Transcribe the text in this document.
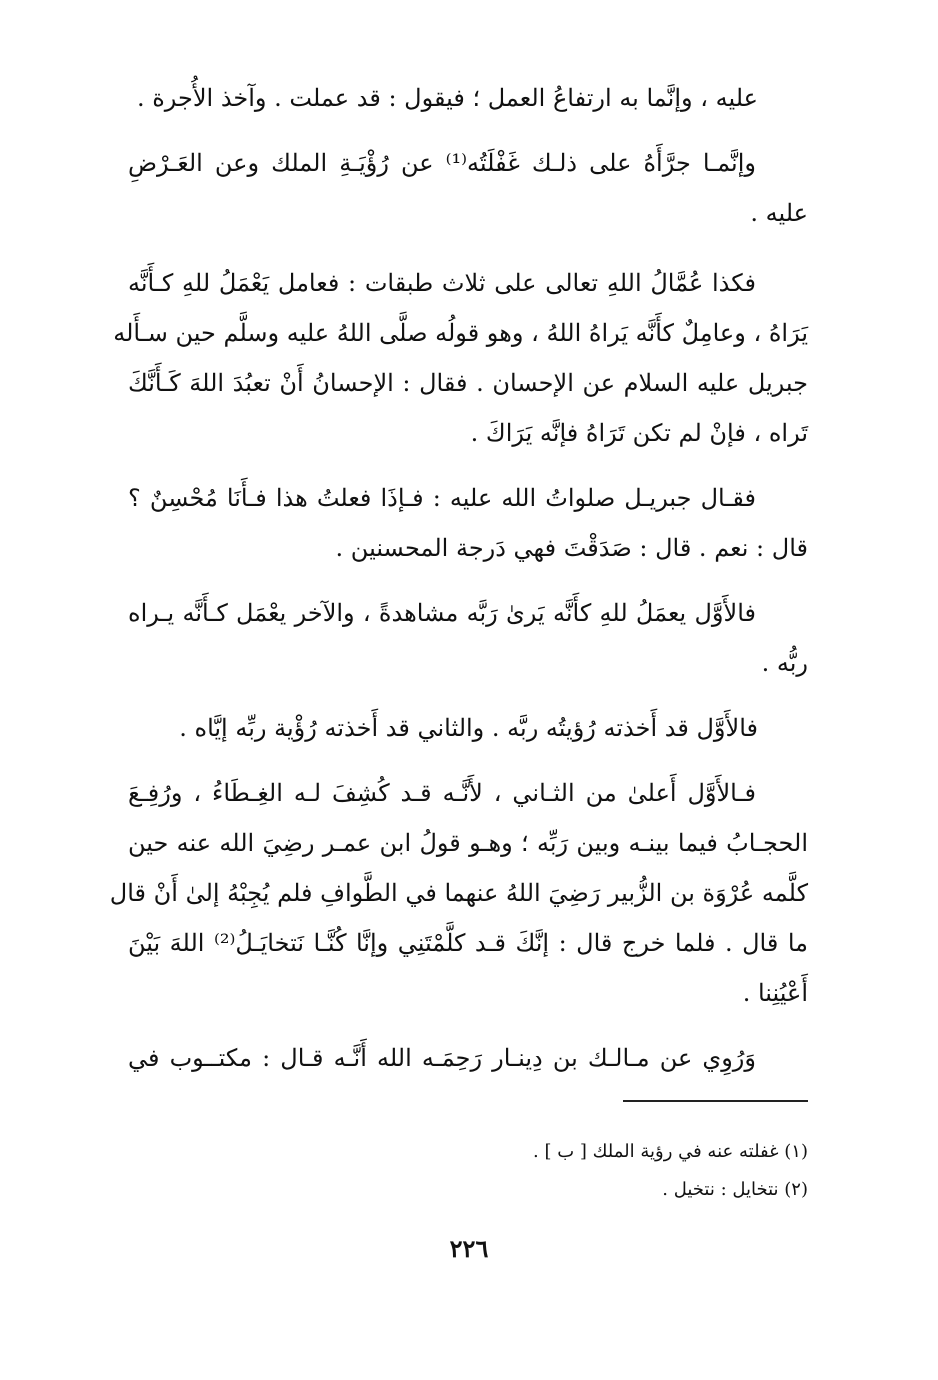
عليه ، وإنَّما به ارتفاعُ العمل ؛ فيقول : قد عملت . وآخذ الأُجرة .
وإنَّمـا جرَّأَهُ على ذلـك غَفْلَتُه⁽¹⁾ عن رُؤْيَـةِ الملك وعن العَـرْضِ
عليه .
فكذا عُمَّالُ اللهِ تعالى على ثلاث طبقات : فعامل يَعْمَلُ للهِ كـأَنَّه
يَرَاهُ ، وعامِلٌ كأَنَّه يَراهُ اللهُ ، وهو قولُه صلَّى اللهُ عليه وسلَّم حين سـأَله
جبريل عليه السلام عن الإحسان . فقال : الإحسانُ أَنْ تعبُدَ اللهَ كَـأَنَّكَ
تَراه ، فإنْ لم تكن تَرَاهُ فإنَّه يَرَاكَ .
فقـال جبريـل صلواتُ الله عليه : فـإذَا فعلتُ هذا فـأَنَا مُحْسِنٌ ؟
قال : نعم . قال : صَدَقْتَ فهي دَرجة المحسنين .
فالأَوَّل يعمَلُ للهِ كأَنَّه يَرىٰ رَبَّه مشاهدةً ، والآخر يعْمَل كـأَنَّه يـراه
ربُّه .
فالأَوَّل قد أَخذته رُؤيتُه ربَّه . والثاني قد أَخذته رُؤْية ربِّه إيَّاه .
فـالأَوَّل أَعلىٰ من الثـاني ، لأَنَّـه قـد كُشِفَ لـه الغِـطَاءُ ، ورُفِـعَ
الحجـابُ فيما بينـه وبين رَبِّه ؛ وهـو قولُ ابن عمـر رضِيَ الله عنه حين
كلَّمه عُرْوَة بن الزُّبير رَضِيَ اللهُ عنهما في الطَّوافِ فلم يُجِبْهُ إلىٰ أَنْ قال
ما قال . فلما خرج قال : إنَّكَ قـد كلَّمْتَنِي وإنَّا كُنَّـا نَتخايَـلُ⁽²⁾ اللهَ بَيْنَ
أَعْيُنِنا .
وَرُوِي عن مـالـك بن دِينـار رَحِمَـه الله أَنَّـه قـال : مكتــوب في
(١) غفلته عنه في رؤية الملك [ ب ] .
(٢) نتخايل : نتخيل .
٢٢٦
